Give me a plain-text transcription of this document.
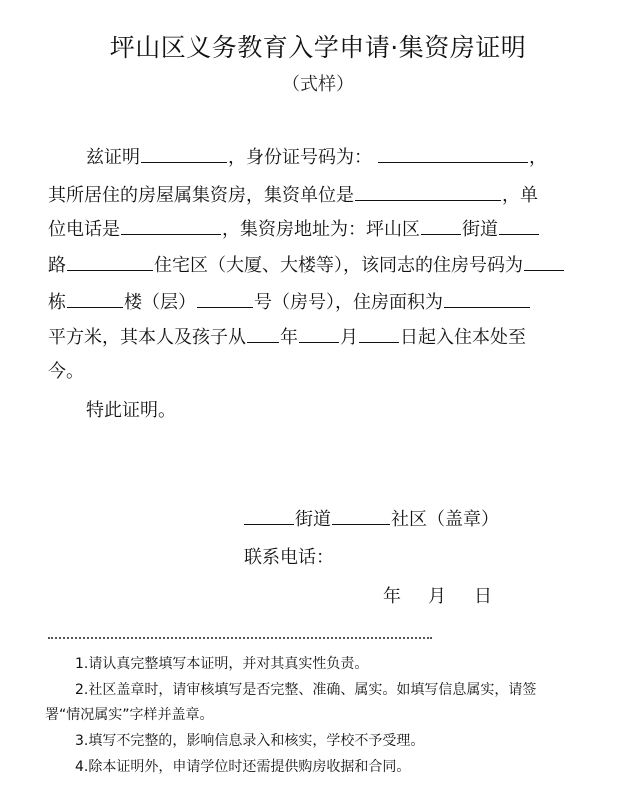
坪山区义务教育入学申请·集资房证明
（式样）
兹证明	，身份证号码为：	，
其所居住的房屋属集资房，集资单位是	，单
位电话是	，集资房地址为：坪山区 街道
路	住宅区（大厦、大楼等），该同志的住房号码为
栋	楼（层）	号（房号），住房面积为
平方米，其本人及孩子从 年 月 日起入住本处至
今。
特此证明。
街道	社区（盖章）
联系电话：
年 月 日
1.请认真完整填写本证明，并对其真实性负责。
2.社区盖章时，请审核填写是否完整、准确、属实。如填写信息属实，请签
署“情况属实”字样并盖章。
3.填写不完整的，影响信息录入和核实，学校不予受理。
4.除本证明外，申请学位时还需提供购房收据和合同。
